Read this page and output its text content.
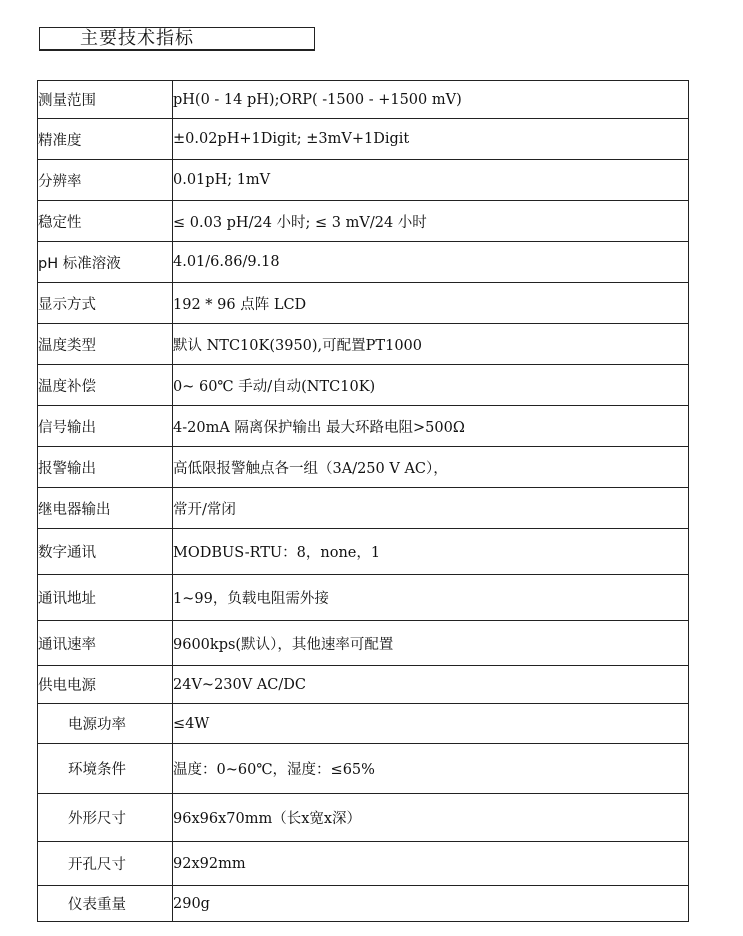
主要技术指标
测量范围	pH(0 - 14 pH);ORP( -1500 - +1500 mV)
精准度	±0.02pH+1Digit; ±3mV+1Digit
分辨率	0.01pH; 1mV
稳定性	≤ 0.03 pH/24 小时; ≤ 3 mV/24 小时
pH 标准溶液	4.01/6.86/9.18
显示方式	192 * 96 点阵 LCD
温度类型	默认 NTC10K(3950),可配置PT1000
温度补偿	0~ 60℃ 手动/自动(NTC10K)
信号输出	4-20mA 隔离保护输出 最大环路电阻>500Ω
报警输出	高低限报警触点各一组（3A/250 V AC），
继电器输出	常开/常闭
数字通讯	MODBUS-RTU：8，none，1
通讯地址	1~99，负载电阻需外接
通讯速率	9600kps(默认），其他速率可配置
供电电源	24V~230V AC/DC
电源功率	≤4W
环境条件	温度：0~60℃，湿度：≤65%
外形尺寸	96x96x70mm（长x宽x深）
开孔尺寸	92x92mm
仪表重量	290g
